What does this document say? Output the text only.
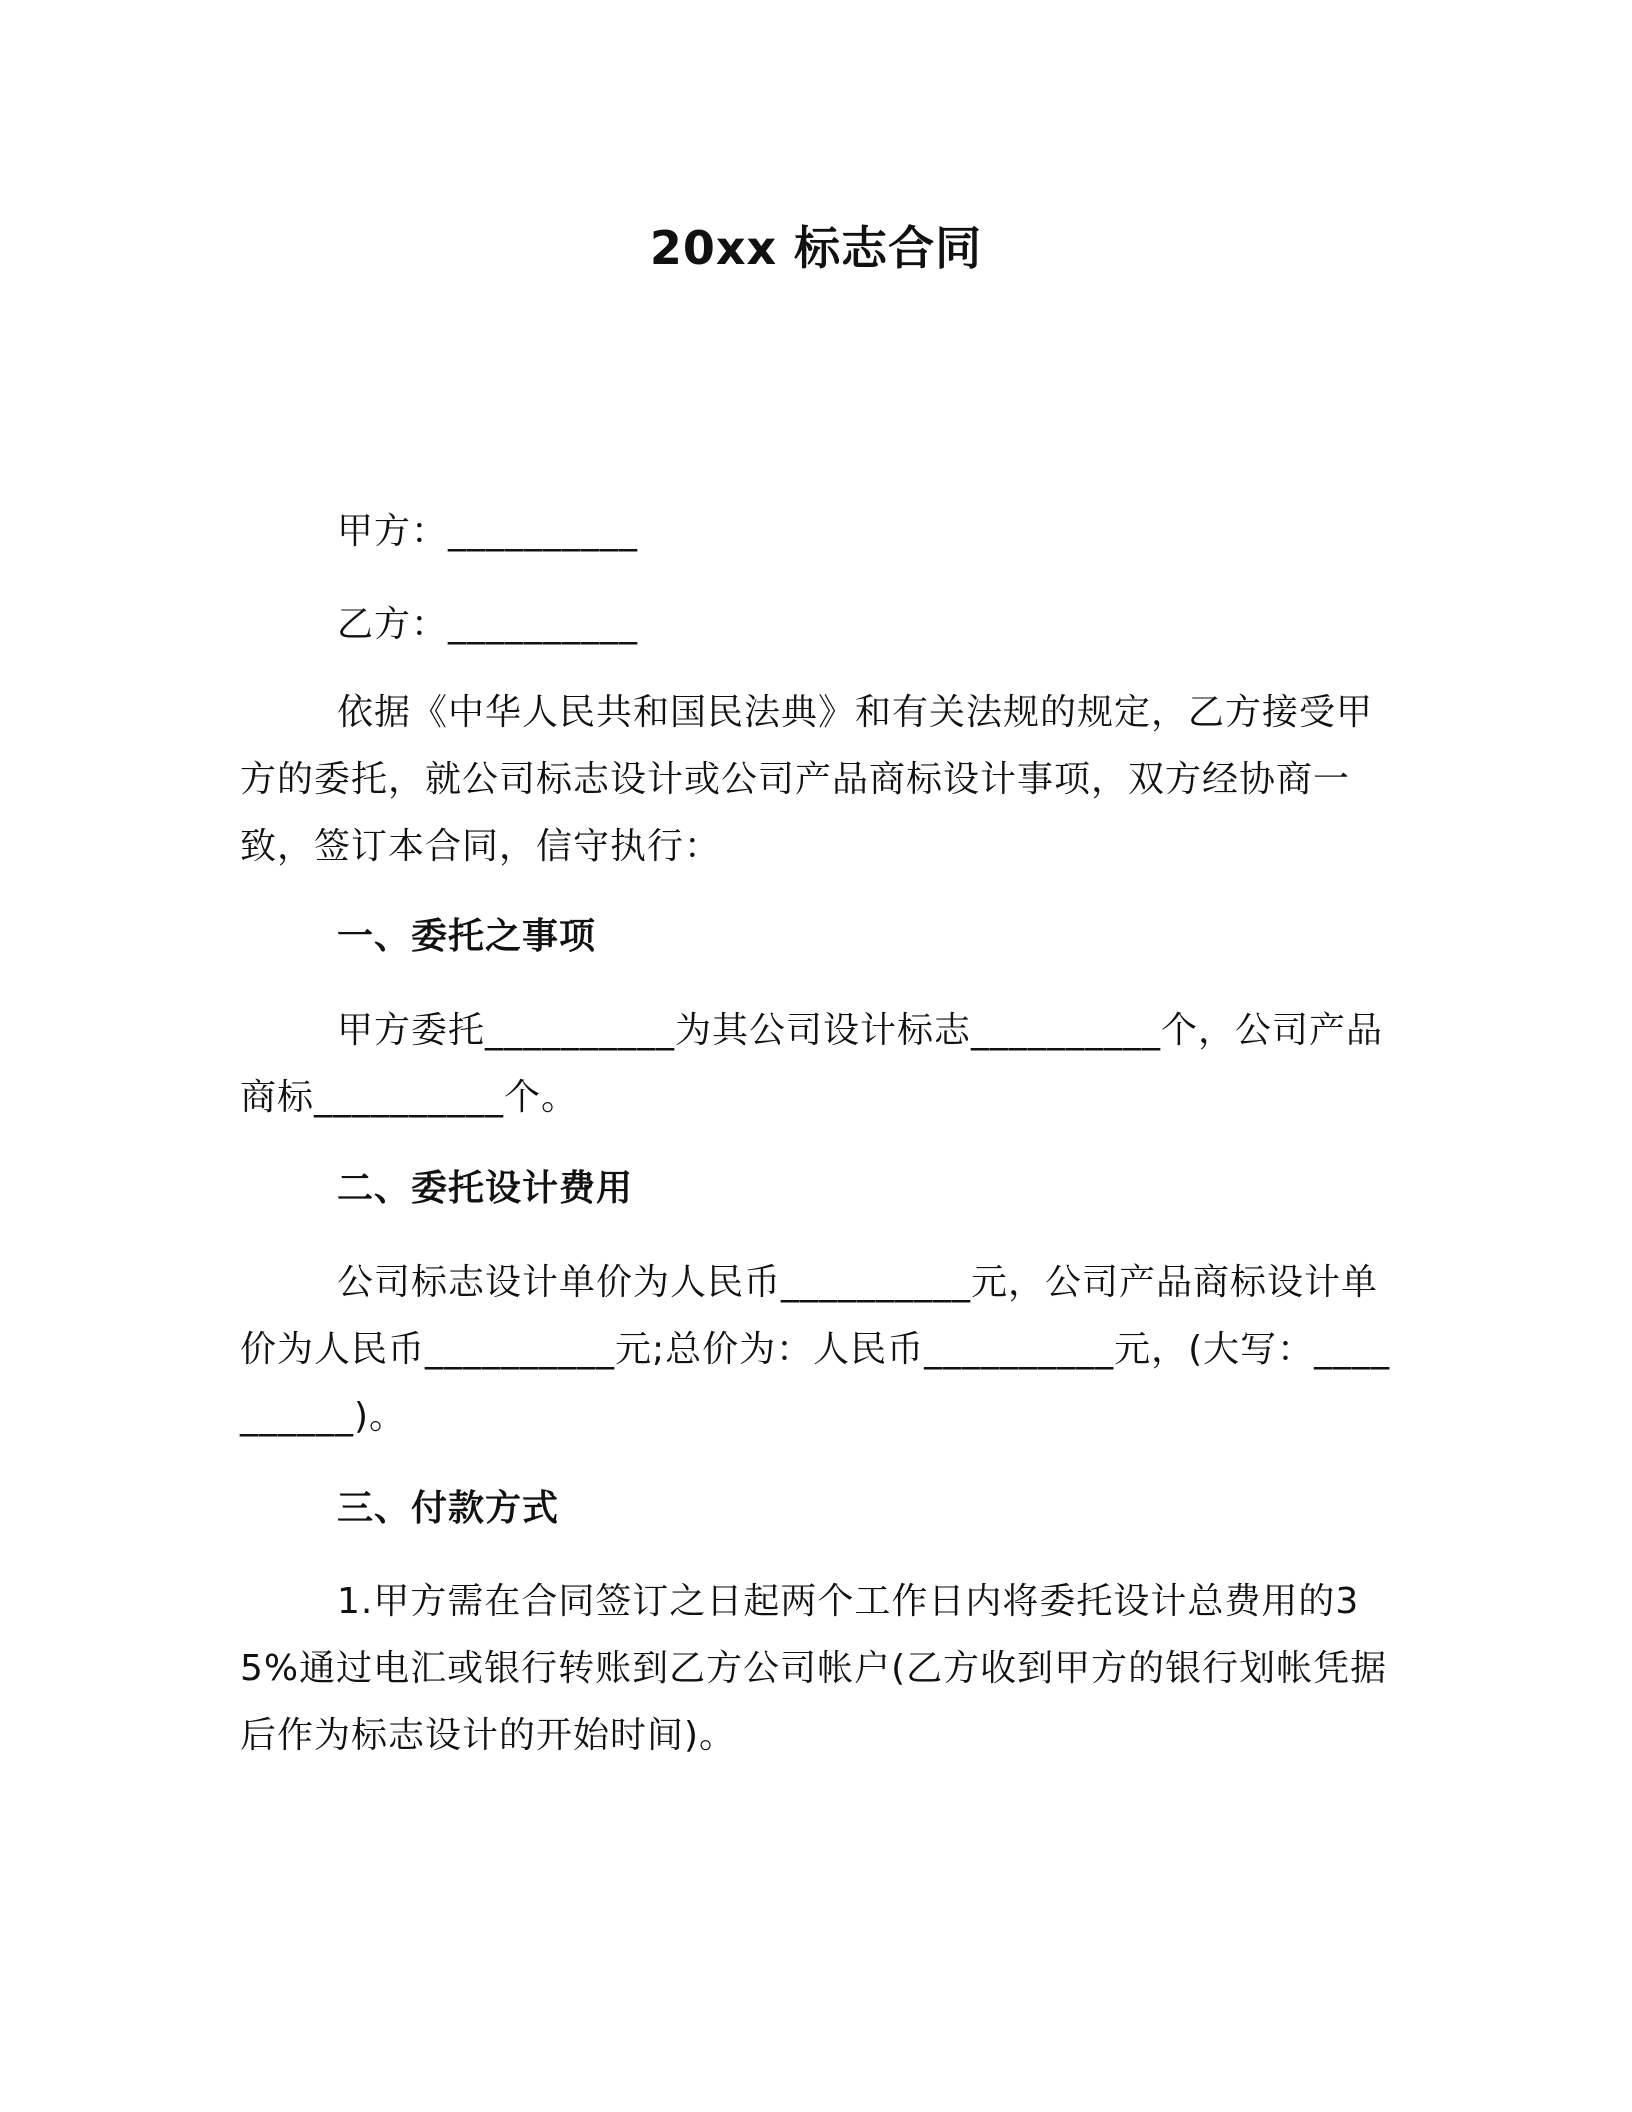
20xx 标志合同
甲方：__________
乙方：__________
依据《中华人民共和国民法典》和有关法规的规定，乙方接受甲方的委托，就公司标志设计或公司产品商标设计事项，双方经协商一致，签订本合同，信守执行：
一、委托之事项
甲方委托__________为其公司设计标志__________个，公司产品商标__________个。
二、委托设计费用
公司标志设计单价为人民币__________元，公司产品商标设计单价为人民币__________元;总价为：人民币__________元，(大写：__________)。
三、付款方式
1.甲方需在合同签订之日起两个工作日内将委托设计总费用的35%通过电汇或银行转账到乙方公司帐户(乙方收到甲方的银行划帐凭据后作为标志设计的开始时间)。
